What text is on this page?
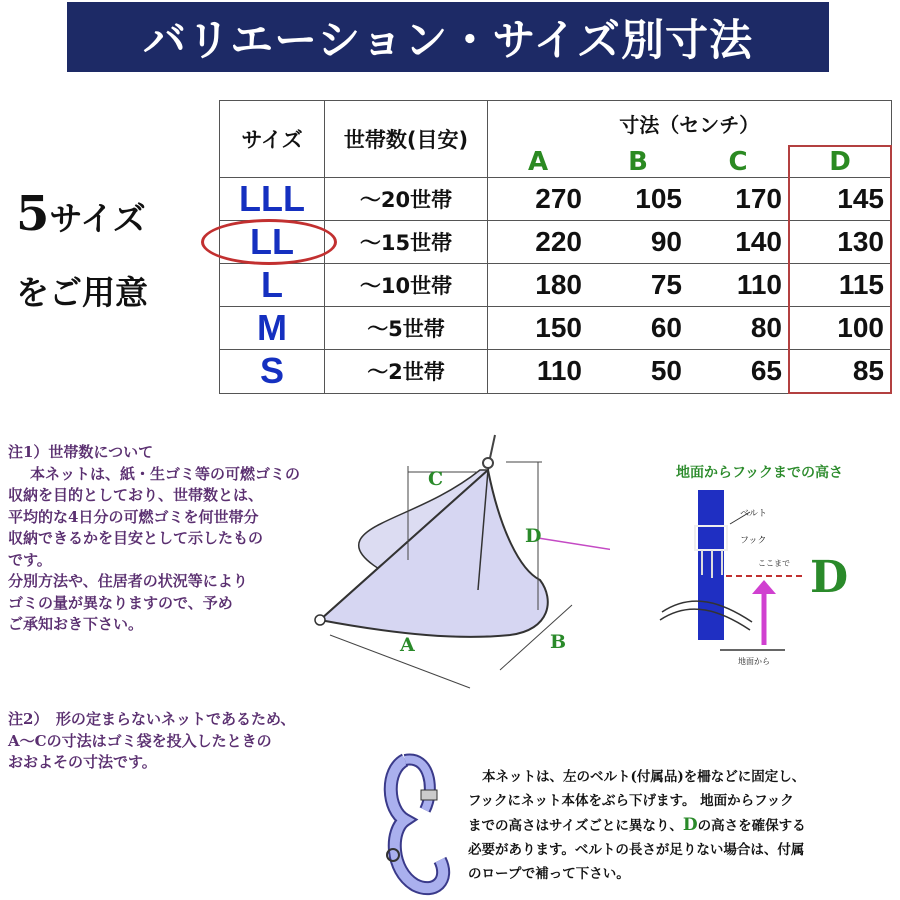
バリエーション・サイズ別寸法
5サイズ
をご用意
サイズ	世帯数(目安)	寸法（センチ）			
		A	B	C	D
LLL	～20世帯	270	105	170	145
LL	～15世帯	220	90	140	130
L	～10世帯	180	75	110	115
M	～5世帯	150	60	80	100
S	～2世帯	110	50	65	85
注1）世帯数について
本ネットは、紙・生ゴミ等の可燃ゴミの
収納を目的としており、世帯数とは、
平均的な4日分の可燃ゴミを何世帯分
収納できるかを目安として示したもの
です。
分別方法や、住居者の状況等により
ゴミの量が異なりますので、予め
ご承知おき下さい。
注2）　形の定まらないネットであるため、
A～Cの寸法はゴミ袋を投入したときの
おおよその寸法です。
C
D
A	B
地面からフックまでの高さ
ベルト
フック
ここまで
地面から
D
本ネットは、左のベルト(付属品)を柵などに固定し、
フックにネット本体をぶら下げます。 地面からフック
までの高さはサイズごとに異なり、Dの高さを確保する
必要があります。ベルトの長さが足りない場合は、付属
のロープで補って下さい。
